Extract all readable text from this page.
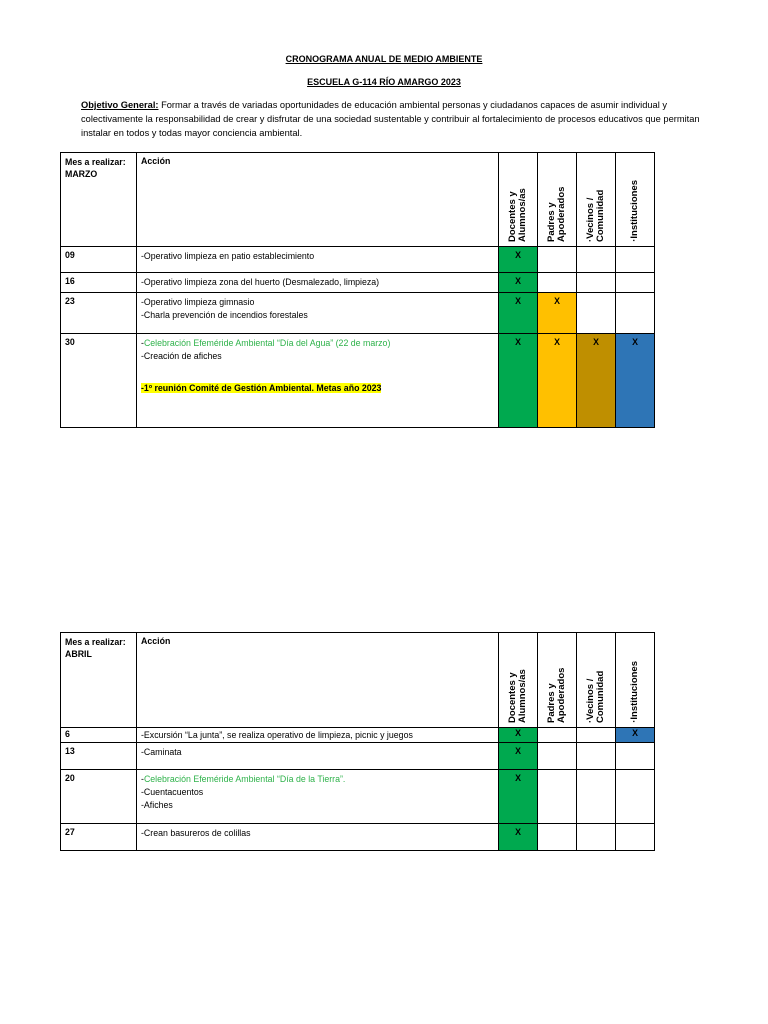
CRONOGRAMA ANUAL DE MEDIO AMBIENTE
ESCUELA G-114 RÍO AMARGO 2023
Objetivo General: Formar a través de variadas oportunidades de educación ambiental personas y ciudadanos capaces de asumir individual y colectivamente la responsabilidad de crear y disfrutar de una sociedad sustentable y contribuir al fortalecimiento de procesos educativos que permitan instalar en todos y todas mayor conciencia ambiental.
Mes a realizar:
MARZO	Acción	Docentes y Alumnos/as	Padres y Apoderados	·Vecinos / Comunidad	·Instituciones

09	-Operativo limpieza en patio establecimiento	X			
16	-Operativo limpieza zona del huerto (Desmalezado, limpieza)	X			
23	-Operativo limpieza gimnasio
-Charla prevención de incendios forestales	X	X		
30	-Celebración Efeméride Ambiental “Día del Agua” (22 de marzo)
-Creación de afiches
-1º reunión Comité de Gestión Ambiental. Metas año 2023	X	X	X	X
Mes a realizar:
ABRIL	Acción	Docentes y Alumnos/as	Padres y Apoderados	·Vecinos / Comunidad	·Instituciones

6	-Excursión “La junta”, se realiza operativo de limpieza, picnic y juegos	X			X
13	-Caminata	X			
20	-Celebración Efeméride Ambiental “Día de la Tierra”.
-Cuentacuentos
-Afiches	X			
27	-Crean basureros de colillas	X			
